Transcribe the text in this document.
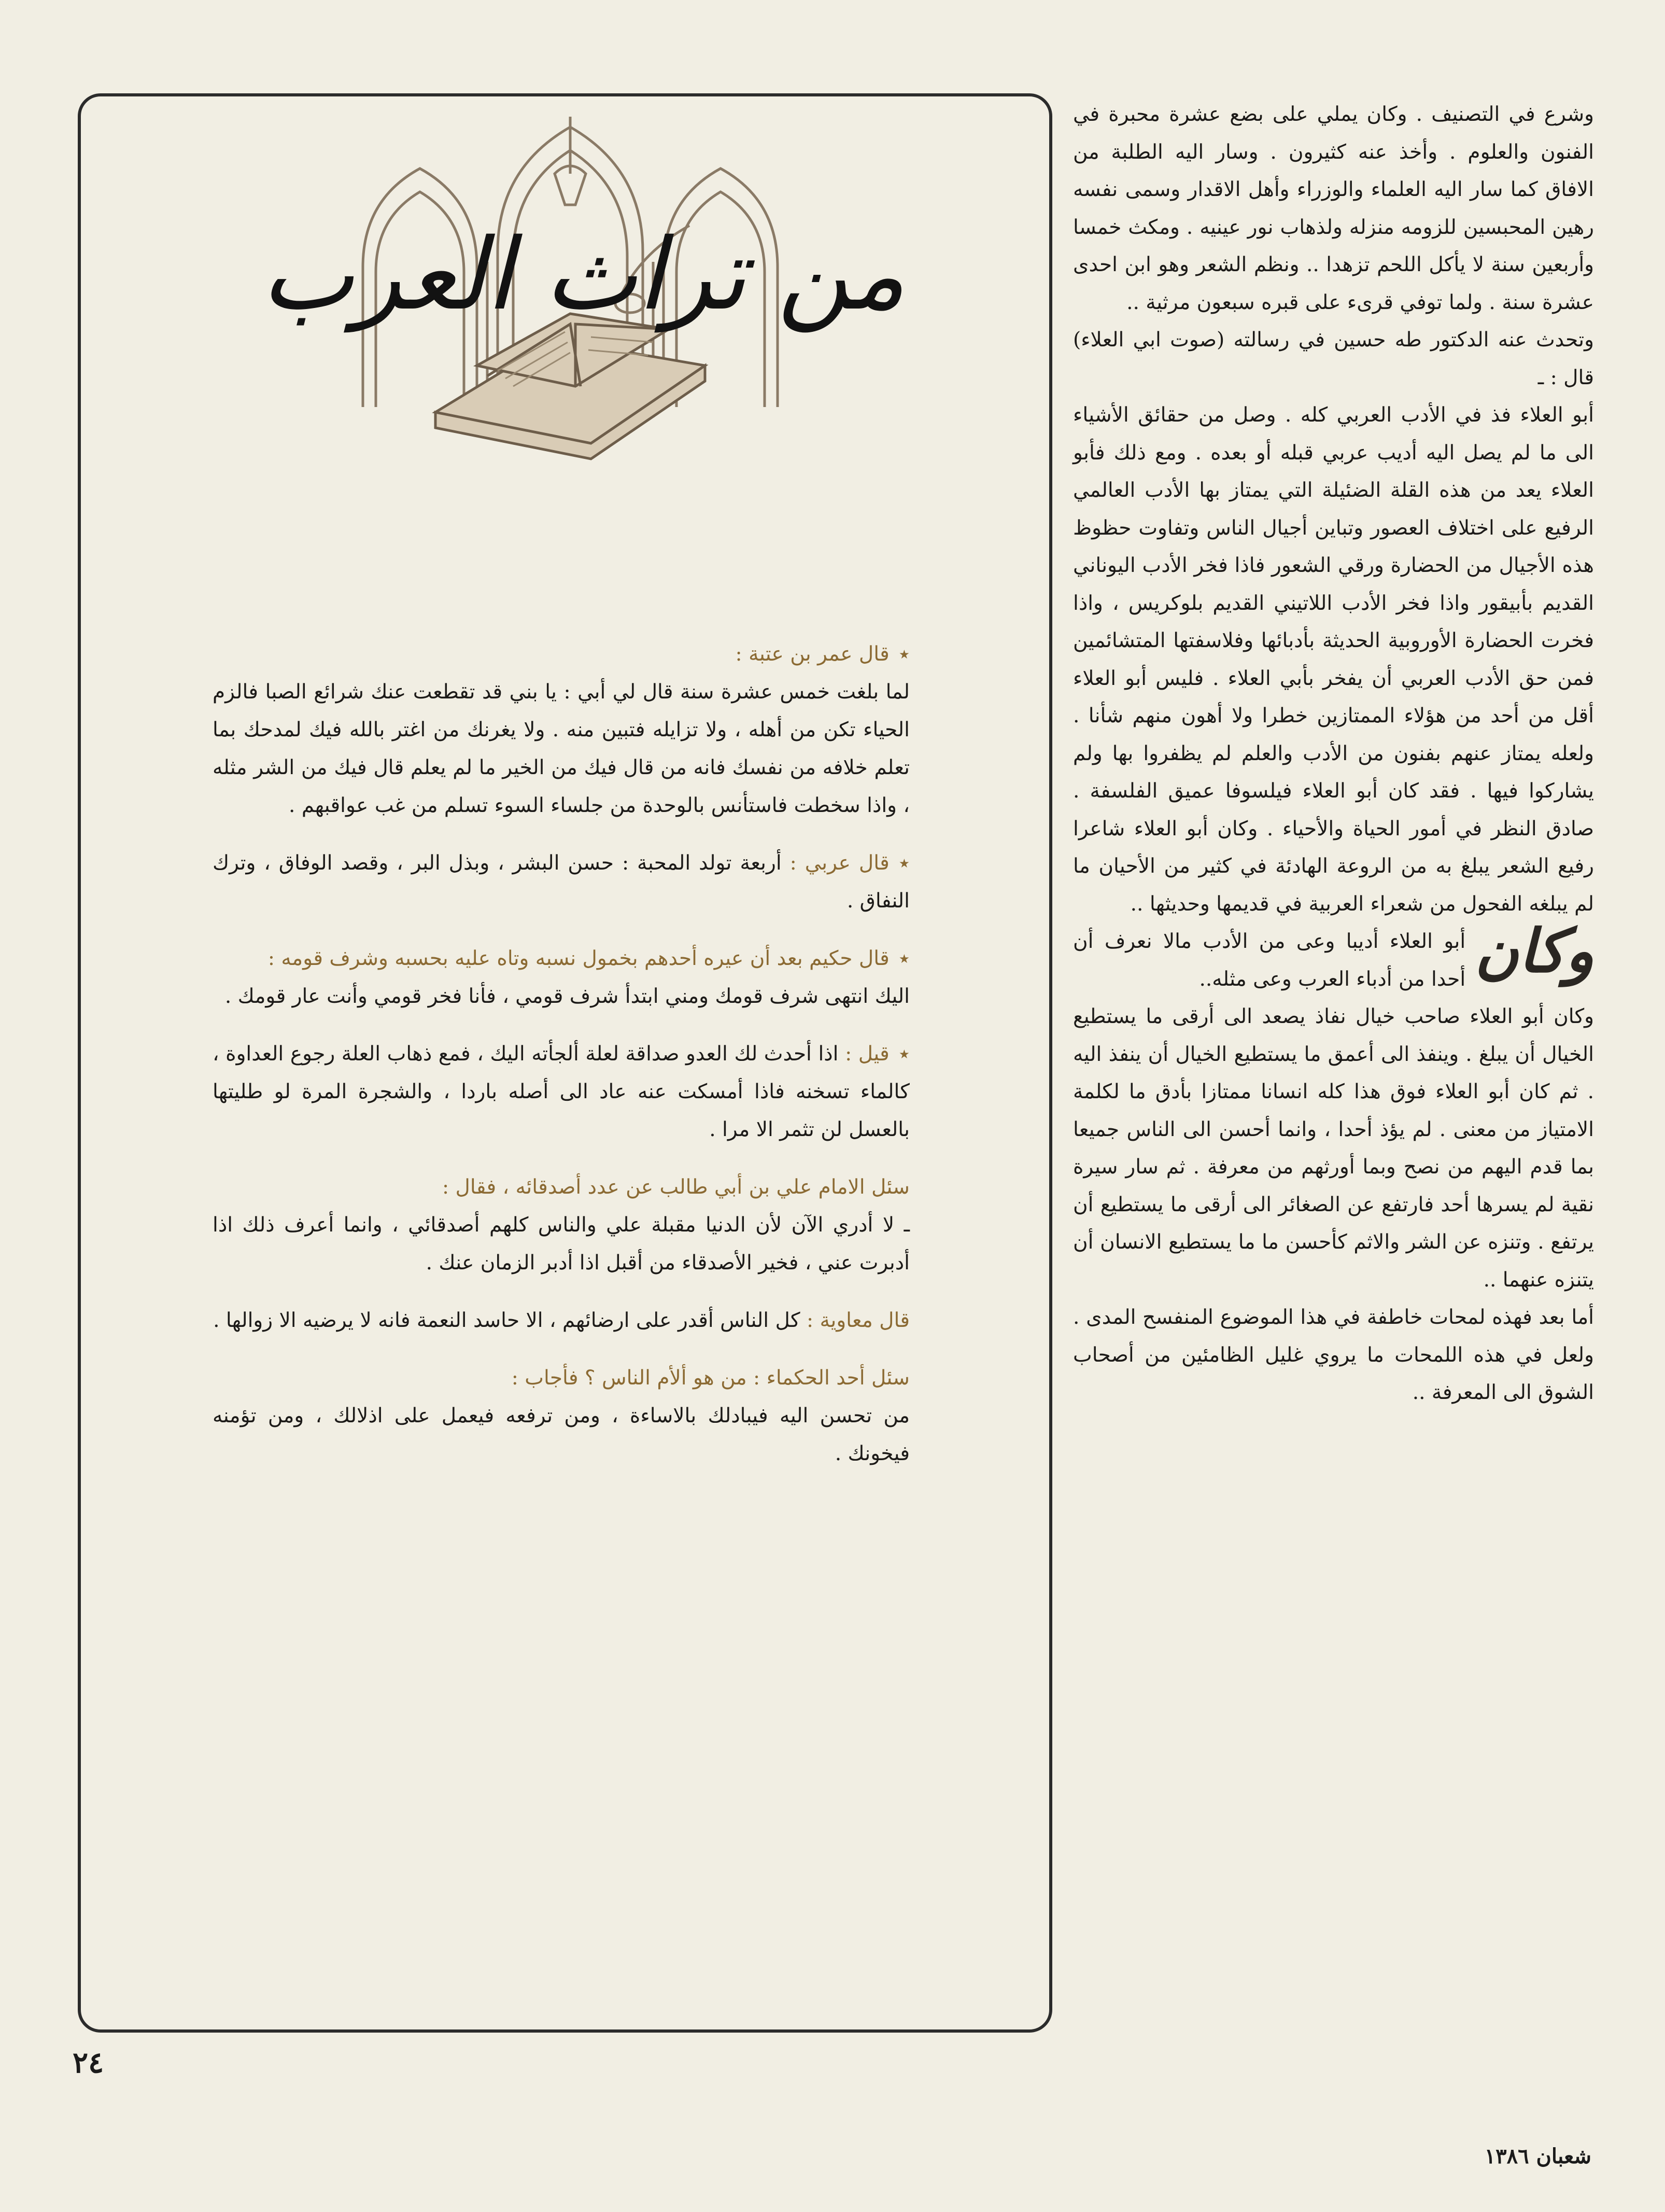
وشرع في التصنيف . وكان يملي على بضع عشرة محبرة في الفنون والعلوم . وأخذ عنه كثيرون . وسار اليه الطلبة من الافاق كما سار اليه العلماء والوزراء وأهل الاقدار وسمى نفسه رهين المحبسين للزومه منزله ولذهاب نور عينيه . ومكث خمسا وأربعين سنة لا يأكل اللحم تزهدا .. ونظم الشعر وهو ابن احدى عشرة سنة . ولما توفي قرىء على قبره سبعون مرثية ..

وتحدث عنه الدكتور طه حسين في رسالته (صوت ابي العلاء) قال : ـ

أبو العلاء فذ في الأدب العربي كله . وصل من حقائق الأشياء الى ما لم يصل اليه أديب عربي قبله أو بعده . ومع ذلك فأبو العلاء يعد من هذه القلة الضئيلة التي يمتاز بها الأدب العالمي الرفيع على اختلاف العصور وتباين أجيال الناس وتفاوت حظوظ هذه الأجيال من الحضارة ورقي الشعور فاذا فخر الأدب اليوناني القديم بأبيقور واذا فخر الأدب اللاتيني القديم بلوكريس ، واذا فخرت الحضارة الأوروبية الحديثة بأدبائها وفلاسفتها المتشائمين فمن حق الأدب العربي أن يفخر بأبي العلاء . فليس أبو العلاء أقل من أحد من هؤلاء الممتازين خطرا ولا أهون منهم شأنا . ولعله يمتاز عنهم بفنون من الأدب والعلم لم يظفروا بها ولم يشاركوا فيها . فقد كان أبو العلاء فيلسوفا عميق الفلسفة . صادق النظر في أمور الحياة والأحياء . وكان أبو العلاء شاعرا رفيع الشعر يبلغ به من الروعة الهادئة في كثير من الأحيان ما لم يبلغه الفحول من شعراء العربية في قديمها وحديثها ..

وكان
أبو العلاء أديبا وعى من الأدب مالا نعرف أن أحدا من أدباء العرب وعى مثله..

وكان أبو العلاء صاحب خيال نفاذ يصعد الى أرقى ما يستطيع الخيال أن يبلغ . وينفذ الى أعمق ما يستطيع الخيال أن ينفذ اليه . ثم كان أبو العلاء فوق هذا كله انسانا ممتازا بأدق ما لكلمة الامتياز من معنى . لم يؤذ أحدا ، وانما أحسن الى الناس جميعا بما قدم اليهم من نصح وبما أورثهم من معرفة . ثم سار سيرة نقية لم يسرها أحد فارتفع عن الصغائر الى أرقى ما يستطيع أن يرتفع . وتنزه عن الشر والاثم كأحسن ما ما يستطيع الانسان أن يتنزه عنهما ..

أما بعد فهذه لمحات خاطفة في هذا الموضوع المنفسح المدى . ولعل في هذه اللمحات ما يروي غليل الظامئين من أصحاب الشوق الى المعرفة ..

من تراث العرب
٭قال عمر بن عتبة :
لما بلغت خمس عشرة سنة قال لي أبي : يا بني قد تقطعت عنك شرائع الصبا فالزم الحياء تكن من أهله ، ولا تزايله فتبين منه . ولا يغرنك من اغتر بالله فيك لمدحك بما تعلم خلافه من نفسك فانه من قال فيك من الخير ما لم يعلم قال فيك من الشر مثله ، واذا سخطت فاستأنس بالوحدة من جلساء السوء تسلم من غب عواقبهم .
٭قال عربي : أربعة تولد المحبة : حسن البشر ، وبذل البر ، وقصد الوفاق ، وترك النفاق .
٭قال حكيم بعد أن عيره أحدهم بخمول نسبه وتاه عليه بحسبه وشرف قومه :
اليك انتهى شرف قومك ومني ابتدأ شرف قومي ، فأنا فخر قومي وأنت عار قومك .
٭قيل : اذا أحدث لك العدو صداقة لعلة ألجأته اليك ، فمع ذهاب العلة رجوع العداوة ، كالماء تسخنه فاذا أمسكت عنه عاد الى أصله باردا ، والشجرة المرة لو طليتها بالعسل لن تثمر الا مرا .
سئل الامام علي بن أبي طالب عن عدد أصدقائه ، فقال :
ـ لا أدري الآن لأن الدنيا مقبلة علي والناس كلهم أصدقائي ، وانما أعرف ذلك اذا أدبرت عني ، فخير الأصدقاء من أقبل اذا أدبر الزمان عنك .
قال معاوية : كل الناس أقدر على ارضائهم ، الا حاسد النعمة فانه لا يرضيه الا زوالها .
سئل أحد الحكماء : من هو ألأم الناس ؟ فأجاب :
من تحسن اليه فيبادلك بالاساءة ، ومن ترفعه فيعمل على اذلالك ، ومن تؤمنه فيخونك .
٢٤
شعبان ١٣٨٦
